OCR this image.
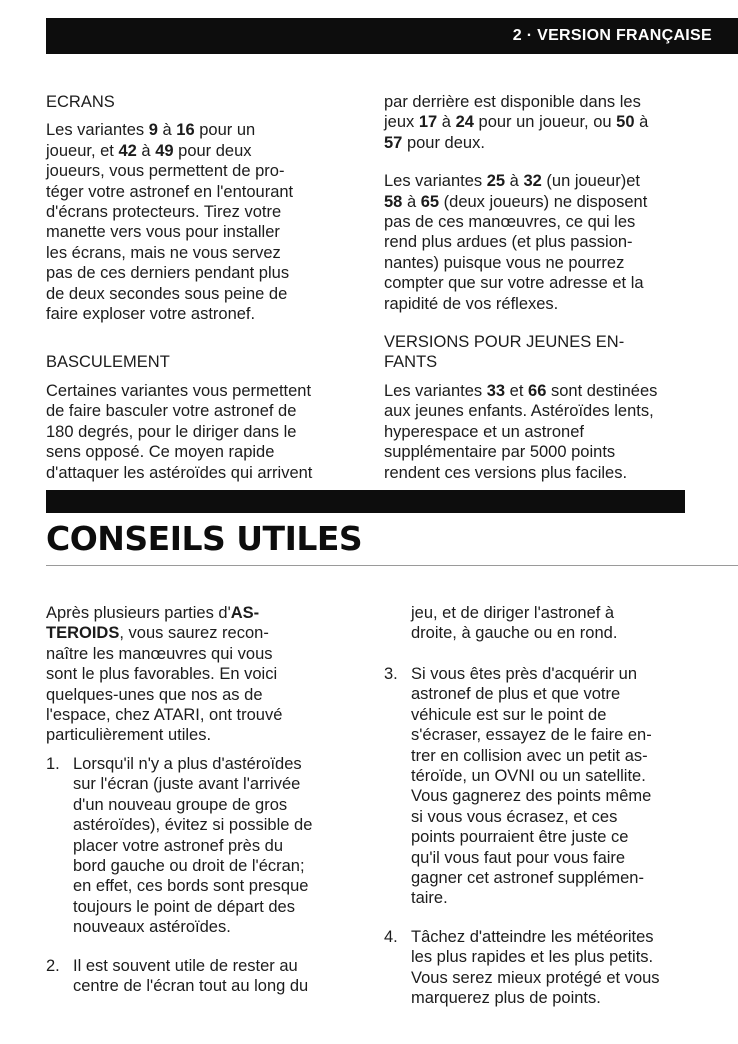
2 · VERSION FRANÇAISE

ECRANS

Les variantes 9 à 16 pour un
joueur, et 42 à 49 pour deux
joueurs, vous permettent de pro-
téger votre astronef en l'entourant
d'écrans protecteurs. Tirez votre
manette vers vous pour installer
les écrans, mais ne vous servez
pas de ces derniers pendant plus
de deux secondes sous peine de
faire exploser votre astronef.

BASCULEMENT

Certaines variantes vous permettent
de faire basculer votre astronef de
180 degrés, pour le diriger dans le
sens opposé. Ce moyen rapide
d'attaquer les astéroïdes qui arrivent

par derrière est disponible dans les
jeux 17 à 24 pour un joueur, ou 50 à
57 pour deux.

Les variantes 25 à 32 (un joueur)et
58 à 65 (deux joueurs) ne disposent
pas de ces manœuvres, ce qui les
rend plus ardues (et plus passion-
nantes) puisque vous ne pourrez
compter que sur votre adresse et la
rapidité de vos réflexes.

VERSIONS POUR JEUNES EN-
FANTS

Les variantes 33 et 66 sont destinées
aux jeunes enfants. Astéroïdes lents,
hyperespace et un astronef
supplémentaire par 5000 points
rendent ces versions plus faciles.

CONSEILS UTILES

Après plusieurs parties d'AS-
TEROIDS, vous saurez recon-
naître les manœuvres qui vous
sont le plus favorables. En voici
quelques-unes que nos as de
l'espace, chez ATARI, ont trouvé
particulièrement utiles.

1. Lorsqu'il n'y a plus d'astéroïdes
sur l'écran (juste avant l'arrivée
d'un nouveau groupe de gros
astéroïdes), évitez si possible de
placer votre astronef près du
bord gauche ou droit de l'écran;
en effet, ces bords sont presque
toujours le point de départ des
nouveaux astéroïdes.
2. Il est souvent utile de rester au
centre de l'écran tout au long du

jeu, et de diriger l'astronef à
droite, à gauche ou en rond.

3. Si vous êtes près d'acquérir un
astronef de plus et que votre
véhicule est sur le point de
s'écraser, essayez de le faire en-
trer en collision avec un petit as-
téroïde, un OVNI ou un satellite.
Vous gagnerez des points même
si vous vous écrasez, et ces
points pourraient être juste ce
qu'il vous faut pour vous faire
gagner cet astronef supplémen-
taire.
4. Tâchez d'atteindre les météorites
les plus rapides et les plus petits.
Vous serez mieux protégé et vous
marquerez plus de points.
